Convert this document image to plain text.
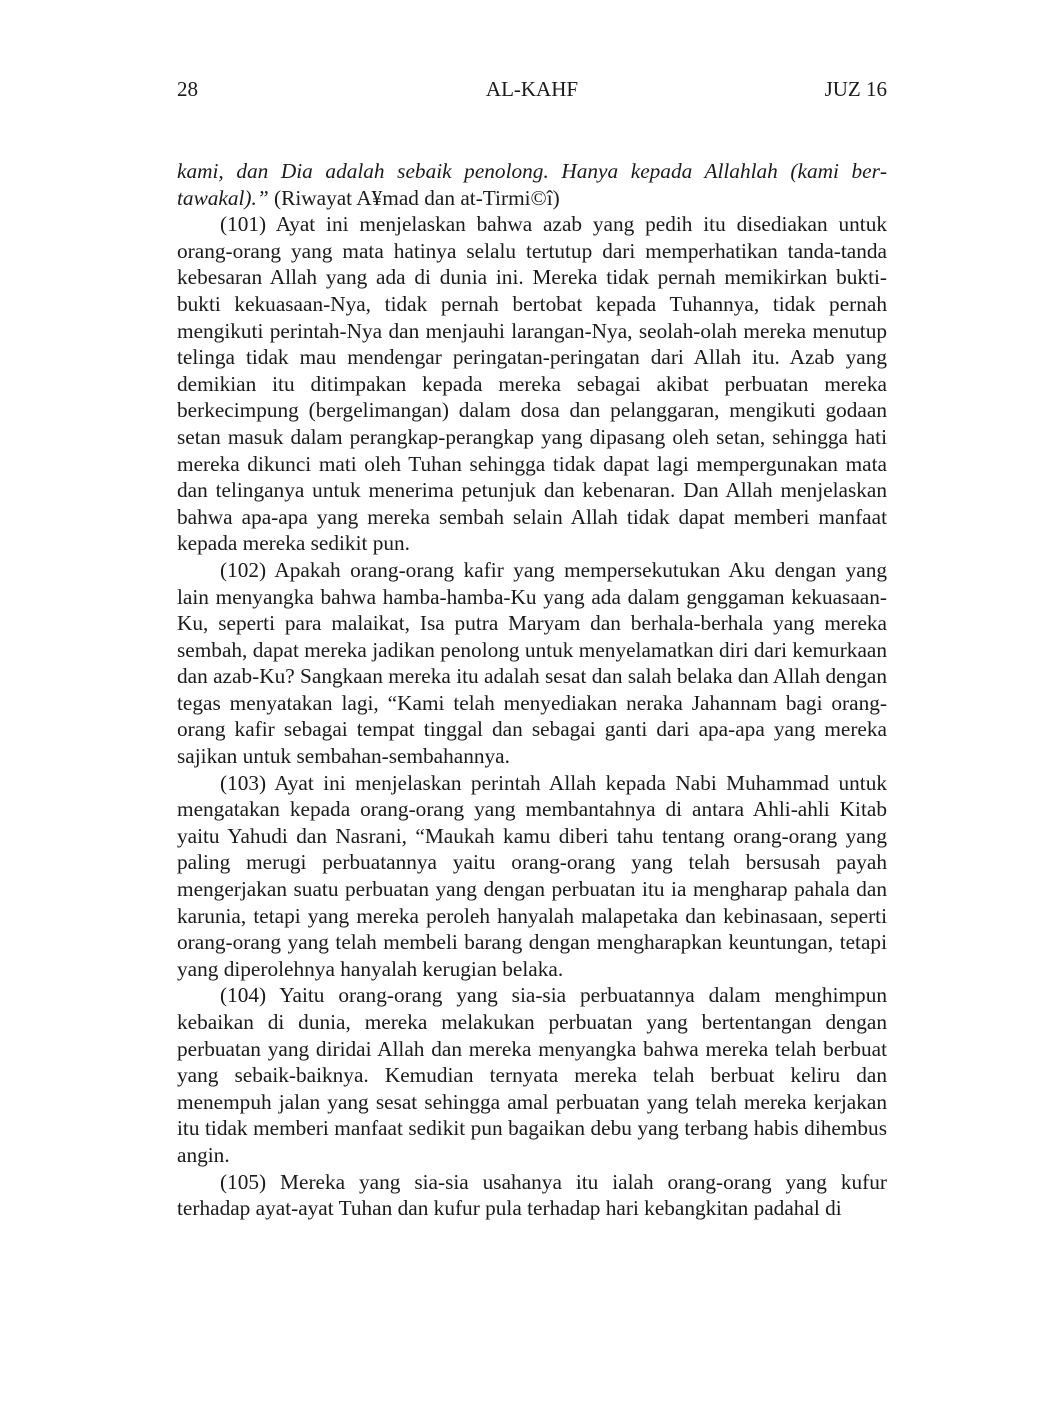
28	AL-KAHF	JUZ 16

kami, dan Dia adalah sebaik penolong. Hanya kepada Allahlah (kami bertawakal).” (Riwayat A¥mad dan at-Tirmi©î)

(101) Ayat ini menjelaskan bahwa azab yang pedih itu disediakan untuk orang-orang yang mata hatinya selalu tertutup dari memperhatikan tanda-tanda kebesaran Allah yang ada di dunia ini. Mereka tidak pernah memikirkan bukti-bukti kekuasaan-Nya, tidak pernah bertobat kepada Tuhannya, tidak pernah mengikuti perintah-Nya dan menjauhi larangan-Nya, seolah-olah mereka menutup telinga tidak mau mendengar peringatan-peringatan dari Allah itu. Azab yang demikian itu ditimpakan kepada mereka sebagai akibat perbuatan mereka berkecimpung (bergelimangan) dalam dosa dan pelanggaran, mengikuti godaan setan masuk dalam perangkap-perangkap yang dipasang oleh setan, sehingga hati mereka dikunci mati oleh Tuhan sehingga tidak dapat lagi mempergunakan mata dan telinganya untuk menerima petunjuk dan kebenaran. Dan Allah menjelaskan bahwa apa-apa yang mereka sembah selain Allah tidak dapat memberi manfaat kepada mereka sedikit pun.

(102) Apakah orang-orang kafir yang mempersekutukan Aku dengan yang lain menyangka bahwa hamba-hamba-Ku yang ada dalam genggaman kekuasaan-Ku, seperti para malaikat, Isa putra Maryam dan berhala-berhala yang mereka sembah, dapat mereka jadikan penolong untuk menyelamatkan diri dari kemurkaan dan azab-Ku? Sangkaan mereka itu adalah sesat dan salah belaka dan Allah dengan tegas menyatakan lagi, “Kami telah menyediakan neraka Jahannam bagi orang-orang kafir sebagai tempat tinggal dan sebagai ganti dari apa-apa yang mereka sajikan untuk sembahan-sembahannya.

(103) Ayat ini menjelaskan perintah Allah kepada Nabi Muhammad untuk mengatakan kepada orang-orang yang membantahnya di antara Ahli-ahli Kitab yaitu Yahudi dan Nasrani, “Maukah kamu diberi tahu tentang orang-orang yang paling merugi perbuatannya yaitu orang-orang yang telah bersusah payah mengerjakan suatu perbuatan yang dengan perbuatan itu ia mengharap pahala dan karunia, tetapi yang mereka peroleh hanyalah malapetaka dan kebinasaan, seperti orang-orang yang telah membeli barang dengan mengharapkan keuntungan, tetapi yang diperolehnya hanyalah kerugian belaka.

(104) Yaitu orang-orang yang sia-sia perbuatannya dalam menghimpun kebaikan di dunia, mereka melakukan perbuatan yang bertentangan dengan perbuatan yang diridai Allah dan mereka menyangka bahwa mereka telah berbuat yang sebaik-baiknya. Kemudian ternyata mereka telah berbuat keliru dan menempuh jalan yang sesat sehingga amal perbuatan yang telah mereka kerjakan itu tidak memberi manfaat sedikit pun bagaikan debu yang terbang habis dihembus angin.

(105) Mereka yang sia-sia usahanya itu ialah orang-orang yang kufur terhadap ayat-ayat Tuhan dan kufur pula terhadap hari kebangkitan padahal di
